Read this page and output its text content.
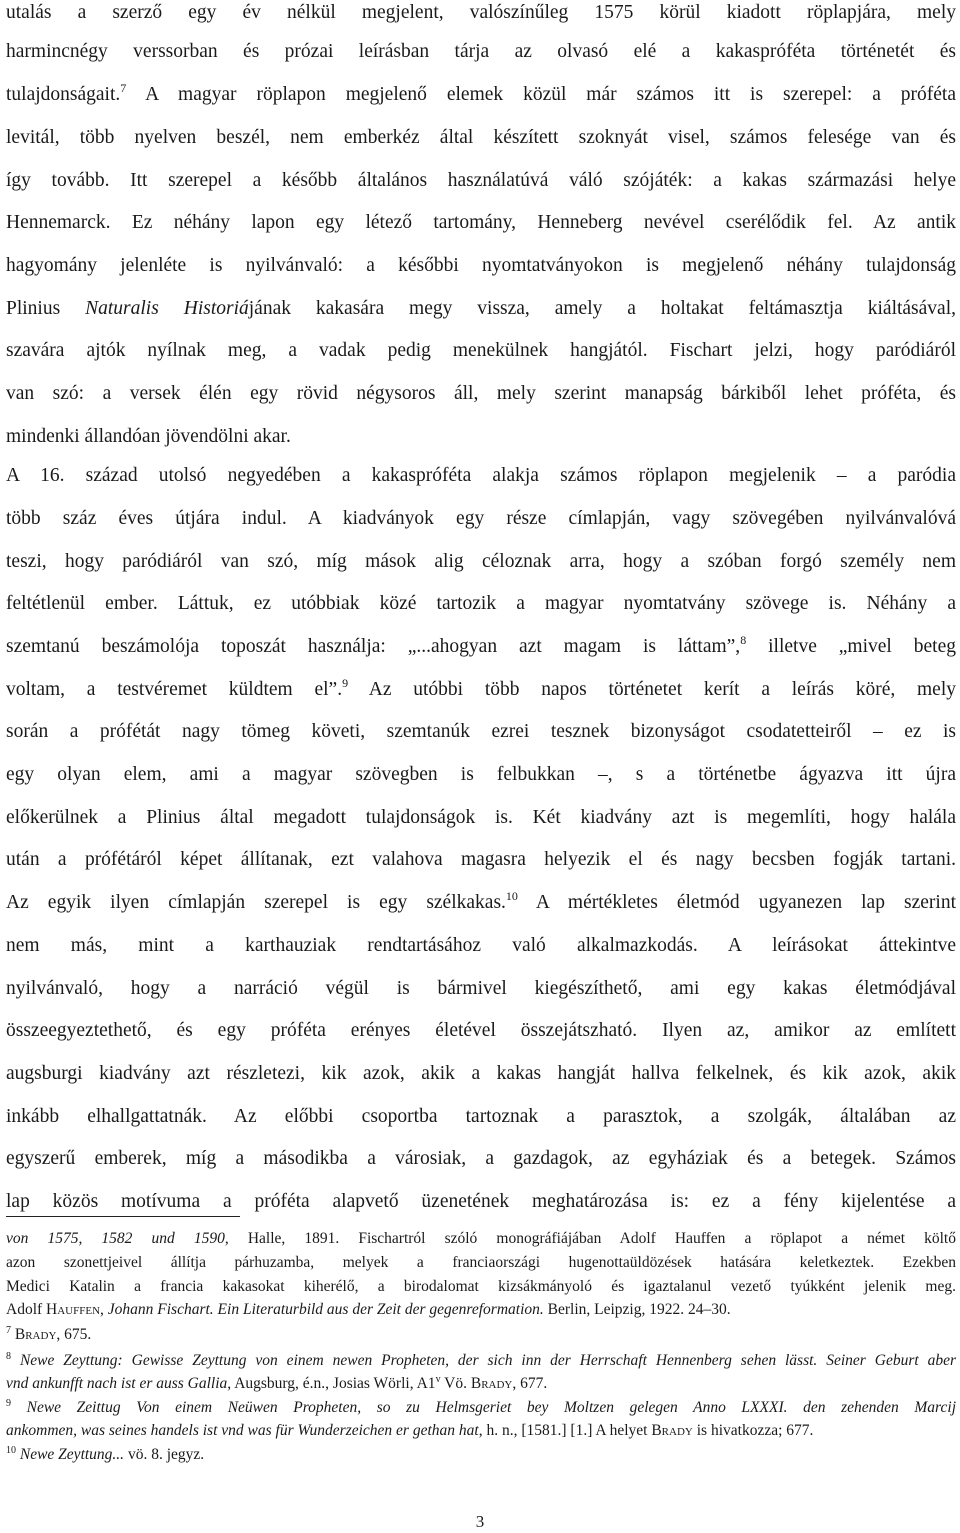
utalás a szerző egy év nélkül megjelent, valószínűleg 1575 körül kiadott röplapjára, mely
harmincnégy verssorban és prózai leírásban tárja az olvasó elé a kakaspróféta történetét és
tulajdonságait.$^7$ A magyar röplapon megjelenő elemek közül már számos itt is szerepel: a próféta
levitál, több nyelven beszél, nem emberkéz által készített szoknyát visel, számos felesége van és
így tovább. Itt szerepel a később általános használatúvá váló szójáték: a kakas származási helye
Hennemarck. Ez néhány lapon egy létező tartomány, Henneberg nevével cserélődik fel. Az antik
hagyomány jelenléte is nyilvánvaló: a későbbi nyomtatványokon is megjelenő néhány tulajdonság
Plinius Naturalis Historiájának kakasára megy vissza, amely a holtakat feltámasztja kiáltásával,
szavára ajtók nyílnak meg, a vadak pedig menekülnek hangjától. Fischart jelzi, hogy paródiáról
van szó: a versek élén egy rövid négysoros áll, mely szerint manapság bárkiből lehet próféta, és
mindenki állandóan jövendölni akar.
A 16. század utolsó negyedében a kakaspróféta alakja számos röplapon megjelenik – a paródia
több száz éves útjára indul. A kiadványok egy része címlapján, vagy szövegében nyilvánvalóvá
teszi, hogy paródiáról van szó, míg mások alig céloznak arra, hogy a szóban forgó személy nem
feltétlenül ember. Láttuk, ez utóbbiak közé tartozik a magyar nyomtatvány szövege is. Néhány a
szemtanú beszámolója toposzát használja: „...ahogyan azt magam is láttam”,$^8$ illetve „mivel beteg
voltam, a testvéremet küldtem el”.$^9$ Az utóbbi több napos történetet kerít a leírás köré, mely
során a prófétát nagy tömeg követi, szemtanúk ezrei tesznek bizonyságot csodatetteiről – ez is
egy olyan elem, ami a magyar szövegben is felbukkan –, s a történetbe ágyazva itt újra
előkerülnek a Plinius által megadott tulajdonságok is. Két kiadvány azt is megemlíti, hogy halála
után a prófétáról képet állítanak, ezt valahova magasra helyezik el és nagy becsben fogják tartani.
Az egyik ilyen címlapján szerepel is egy szélkakas.$^{10}$ A mértékletes életmód ugyanezen lap szerint
nem más, mint a karthauziak rendtartásához való alkalmazkodás. A leírásokat áttekintve
nyilvánvaló, hogy a narráció végül is bármivel kiegészíthető, ami egy kakas életmódjával
összeegyeztethető, és egy próféta erényes életével összejátszható. Ilyen az, amikor az említett
augsburgi kiadvány azt részletezi, kik azok, akik a kakas hangját hallva felkelnek, és kik azok, akik
inkább elhallgattatnák. Az előbbi csoportba tartoznak a parasztok, a szolgák, általában az
egyszerű emberek, míg a másodikba a városiak, a gazdagok, az egyháziak és a betegek. Számos
lap közös motívuma a próféta alapvető üzenetének meghatározása is: ez a fény kijelentése a
von 1575, 1582 und 1590, Halle, 1891. Fischartról szóló monográfiájában Adolf Hauffen a röplapot a német költő
azon szonettjeivel állítja párhuzamba, melyek a franciaországi hugenottaüldözések hatására keletkeztek. Ezekben
Medici Katalin a francia kakasokat kiherélő, a birodalomat kizsákmányoló és igaztalanul vezető tyúkként jelenik meg.
Adolf Hauffen, Johann Fischart. Ein Literaturbild aus der Zeit der gegenreformation. Berlin, Leipzig, 1922. 24–30.
$^7$ Brady, 675.
$^8$ Newe Zeyttung: Gewisse Zeyttung von einem newen Propheten, der sich inn der Herrschaft Hennenberg sehen lässt. Seiner Geburt aber
vnd ankunfft nach ist er auss Gallia, Augsburg, é.n., Josias Wörli, A1$^v$ Vö. Brady, 677.
$^9$ Newe Zeittug Von einem Neüwen Propheten, so zu Helmsgeriet bey Moltzen gelegen Anno LXXXI. den zehenden Marcij
ankommen, was seines handels ist vnd was für Wunderzeichen er gethan hat, h. n., [1581.] [1.] A helyet Brady is hivatkozza; 677.
$^{10}$ Newe Zeyttung... vö. 8. jegyz.
3
